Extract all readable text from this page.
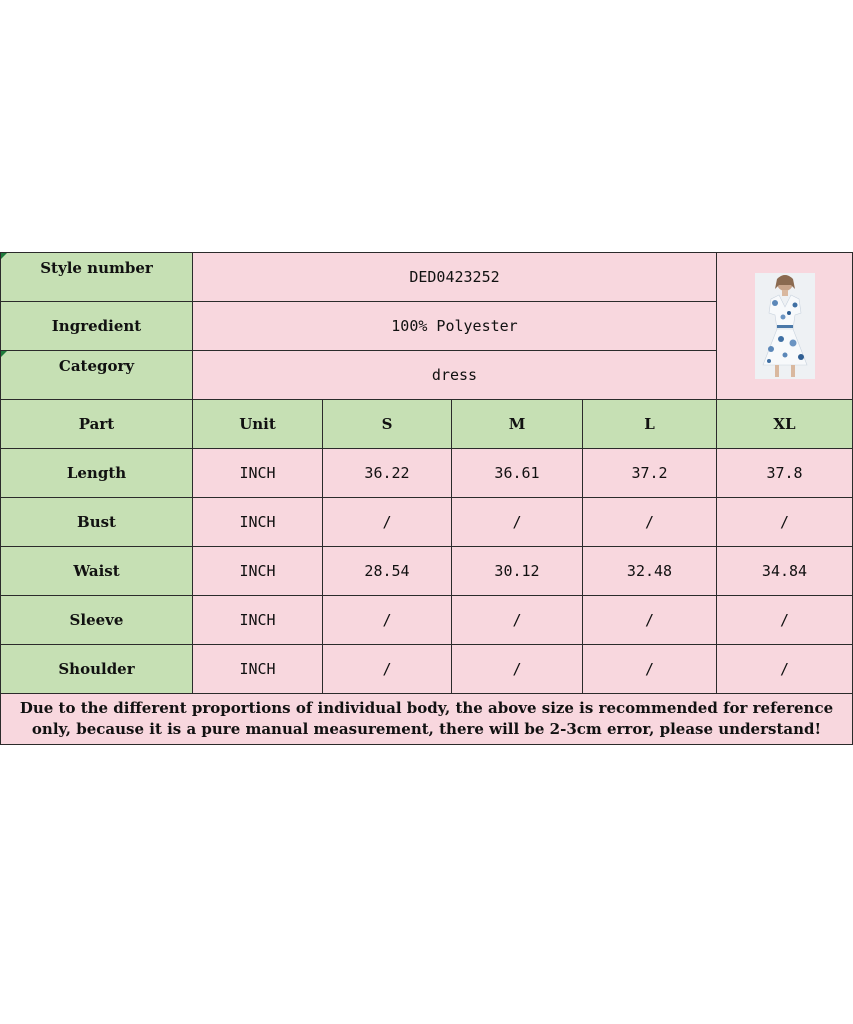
Style number	DED0423252	

Ingredient	100% Polyester				

Category	dress				
Part	Unit	S	M	L	XL
Length	INCH	36.22	36.61	37.2	37.8
Bust	INCH	/	/	/	/
Waist	INCH	28.54	30.12	32.48	34.84
Sleeve	INCH	/	/	/	/
Shoulder	INCH	/	/	/	/
Due to the different proportions of individual body, the above size is recommended for reference only, because it is a pure manual measurement, there will be 2-3cm error, please understand!					
